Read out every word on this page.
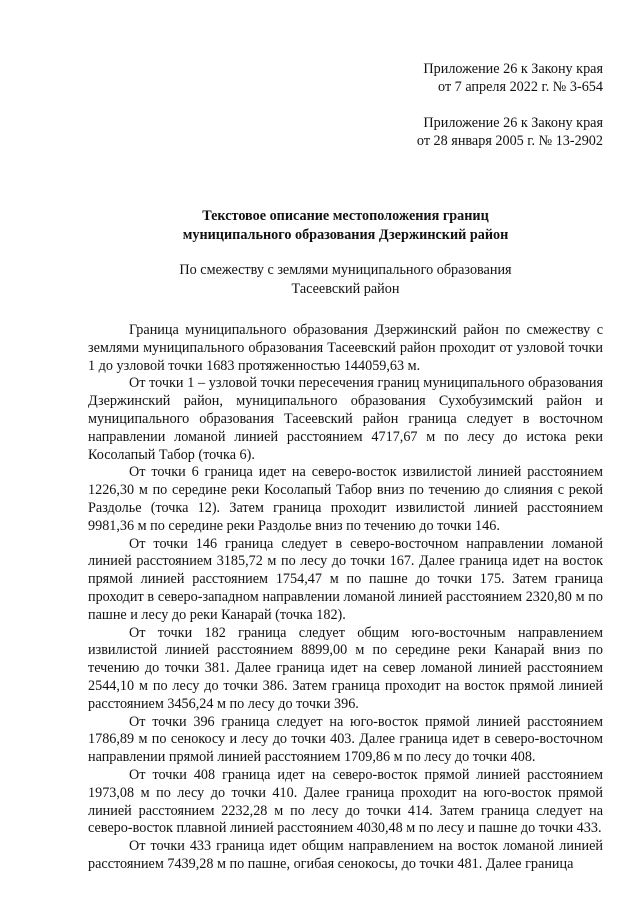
Приложение 26 к Закону края
от 7 апреля 2022 г. № 3-654
Приложение 26 к Закону края
от 28 января 2005 г. № 13-2902
Текстовое описание местоположения границ
муниципального образования Дзержинский район
По смежеству с землями муниципального образования
Тасеевский район

Граница муниципального образования Дзержинский район по смежеству с землями муниципального образования Тасеевский район проходит от узловой точки 1 до узловой точки 1683 протяженностью 144059,63 м.

От точки 1 – узловой точки пересечения границ муниципального образования Дзержинский район, муниципального образования Сухобузимский район и муниципального образования Тасеевский район граница следует в восточном направлении ломаной линией расстоянием 4717,67 м по лесу до истока реки Косолапый Табор (точка 6).

От точки 6 граница идет на северо-восток извилистой линией расстоянием 1226,30 м по середине реки Косолапый Табор вниз по течению до слияния с рекой Раздолье (точка 12). Затем граница проходит извилистой линией расстоянием 9981,36 м по середине реки Раздолье вниз по течению до точки 146.

От точки 146 граница следует в северо-восточном направлении ломаной линией расстоянием 3185,72 м по лесу до точки 167. Далее граница идет на восток прямой линией расстоянием 1754,47 м по пашне до точки 175. Затем граница проходит в северо-западном направлении ломаной линией расстоянием 2320,80 м по пашне и лесу до реки Канарай (точка 182).

От точки 182 граница следует общим юго-восточным направлением извилистой линией расстоянием 8899,00 м по середине реки Канарай вниз по течению до точки 381. Далее граница идет на север ломаной линией расстоянием 2544,10 м по лесу до точки 386. Затем граница проходит на восток прямой линией расстоянием 3456,24 м по лесу до точки 396.

От точки 396 граница следует на юго-восток прямой линией расстоянием 1786,89 м по сенокосу и лесу до точки 403. Далее граница идет в северо-восточном направлении прямой линией расстоянием 1709,86 м по лесу до точки 408.

От точки 408 граница идет на северо-восток прямой линией расстоянием 1973,08 м по лесу до точки 410. Далее граница проходит на юго-восток прямой линией расстоянием 2232,28 м по лесу до точки 414. Затем граница следует на северо-восток плавной линией расстоянием 4030,48 м по лесу и пашне до точки 433.

От точки 433 граница идет общим направлением на восток ломаной линией расстоянием 7439,28 м по пашне, огибая сенокосы, до точки 481. Далее граница
